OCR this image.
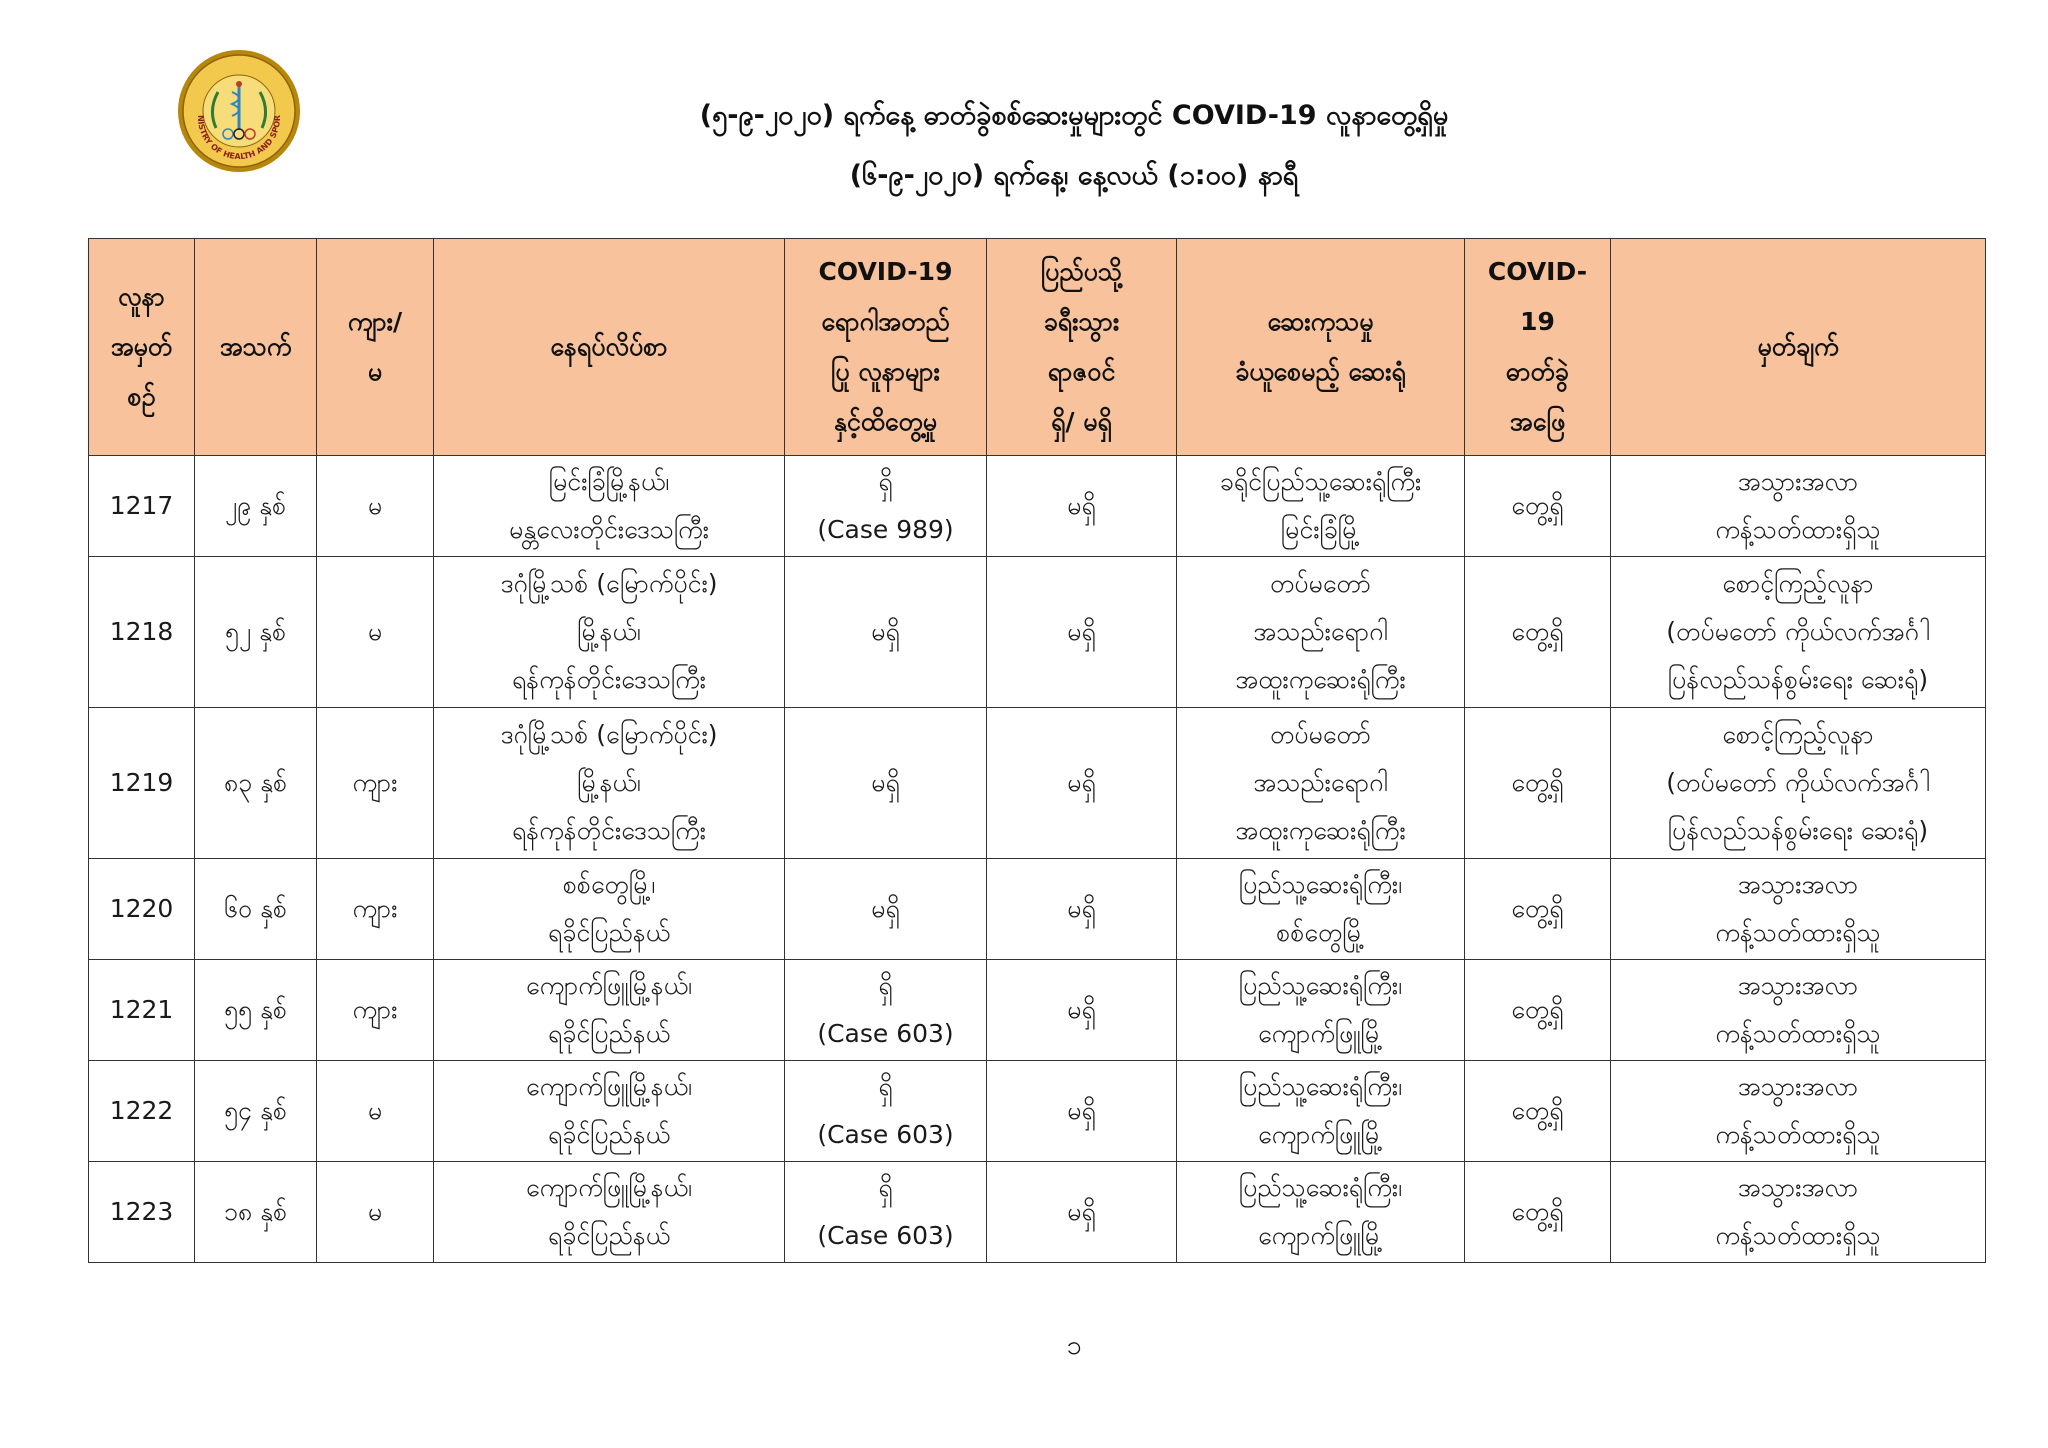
NISTRY OF HEALTH AND SPOR	(၅-၉-၂၀၂၀) ရက်နေ့ ဓာတ်ခွဲစစ်ဆေးမှုများတွင် COVID-19 လူနာတွေ့ရှိမှု
(၆-၉-၂၀၂၀) ရက်နေ့၊ နေ့လယ် (၁:၀၀) နာရီ
လူနာ
အမှတ်
စဉ်	အသက်	ကျား/
မ	နေရပ်လိပ်စာ	COVID-19
ရောဂါအတည်
ပြု လူနာများ
နှင့်ထိတွေ့မှု	ပြည်ပသို့
ခရီးသွား
ရာဇဝင်
ရှိ/ မရှိ	ဆေးကုသမှု
ခံယူစေမည့် ဆေးရုံ	COVID-
19
ဓာတ်ခွဲ
အဖြေ	မှတ်ချက်

1217	၂၉ နှစ်	မ	မြင်းခြံမြို့နယ်၊
မန္တလေးတိုင်းဒေသကြီး	ရှိ
(Case 989)	မရှိ	ခရိုင်ပြည်သူ့ဆေးရုံကြီး
မြင်းခြံမြို့	တွေ့ရှိ	အသွားအလာ
ကန့်သတ်ထားရှိသူ

1218	၅၂ နှစ်	မ	ဒဂုံမြို့သစ် (မြောက်ပိုင်း)
မြို့နယ်၊
ရန်ကုန်တိုင်းဒေသကြီး	မရှိ	မရှိ	တပ်မတော်
အသည်းရောဂါ
အထူးကုဆေးရုံကြီး	တွေ့ရှိ	စောင့်ကြည့်လူနာ
(တပ်မတော် ကိုယ်လက်အင်္ဂါ
ပြန်လည်သန်စွမ်းရေး ဆေးရုံ)

1219	၈၃ နှစ်	ကျား	ဒဂုံမြို့သစ် (မြောက်ပိုင်း)
မြို့နယ်၊
ရန်ကုန်တိုင်းဒေသကြီး	မရှိ	မရှိ	တပ်မတော်
အသည်းရောဂါ
အထူးကုဆေးရုံကြီး	တွေ့ရှိ	စောင့်ကြည့်လူနာ
(တပ်မတော် ကိုယ်လက်အင်္ဂါ
ပြန်လည်သန်စွမ်းရေး ဆေးရုံ)

1220	၆၀ နှစ်	ကျား	စစ်တွေမြို့၊
ရခိုင်ပြည်နယ်	မရှိ	မရှိ	ပြည်သူ့ဆေးရုံကြီး၊
စစ်တွေမြို့	တွေ့ရှိ	အသွားအလာ
ကန့်သတ်ထားရှိသူ

1221	၅၅ နှစ်	ကျား	ကျောက်ဖြူမြို့နယ်၊
ရခိုင်ပြည်နယ်	ရှိ
(Case 603)	မရှိ	ပြည်သူ့ဆေးရုံကြီး၊
ကျောက်ဖြူမြို့	တွေ့ရှိ	အသွားအလာ
ကန့်သတ်ထားရှိသူ

1222	၅၄ နှစ်	မ	ကျောက်ဖြူမြို့နယ်၊
ရခိုင်ပြည်နယ်	ရှိ
(Case 603)	မရှိ	ပြည်သူ့ဆေးရုံကြီး၊
ကျောက်ဖြူမြို့	တွေ့ရှိ	အသွားအလာ
ကန့်သတ်ထားရှိသူ

1223	၁၈ နှစ်	မ	ကျောက်ဖြူမြို့နယ်၊
ရခိုင်ပြည်နယ်	ရှိ
(Case 603)	မရှိ	ပြည်သူ့ဆေးရုံကြီး၊
ကျောက်ဖြူမြို့	တွေ့ရှိ	အသွားအလာ
ကန့်သတ်ထားရှိသူ
၁
